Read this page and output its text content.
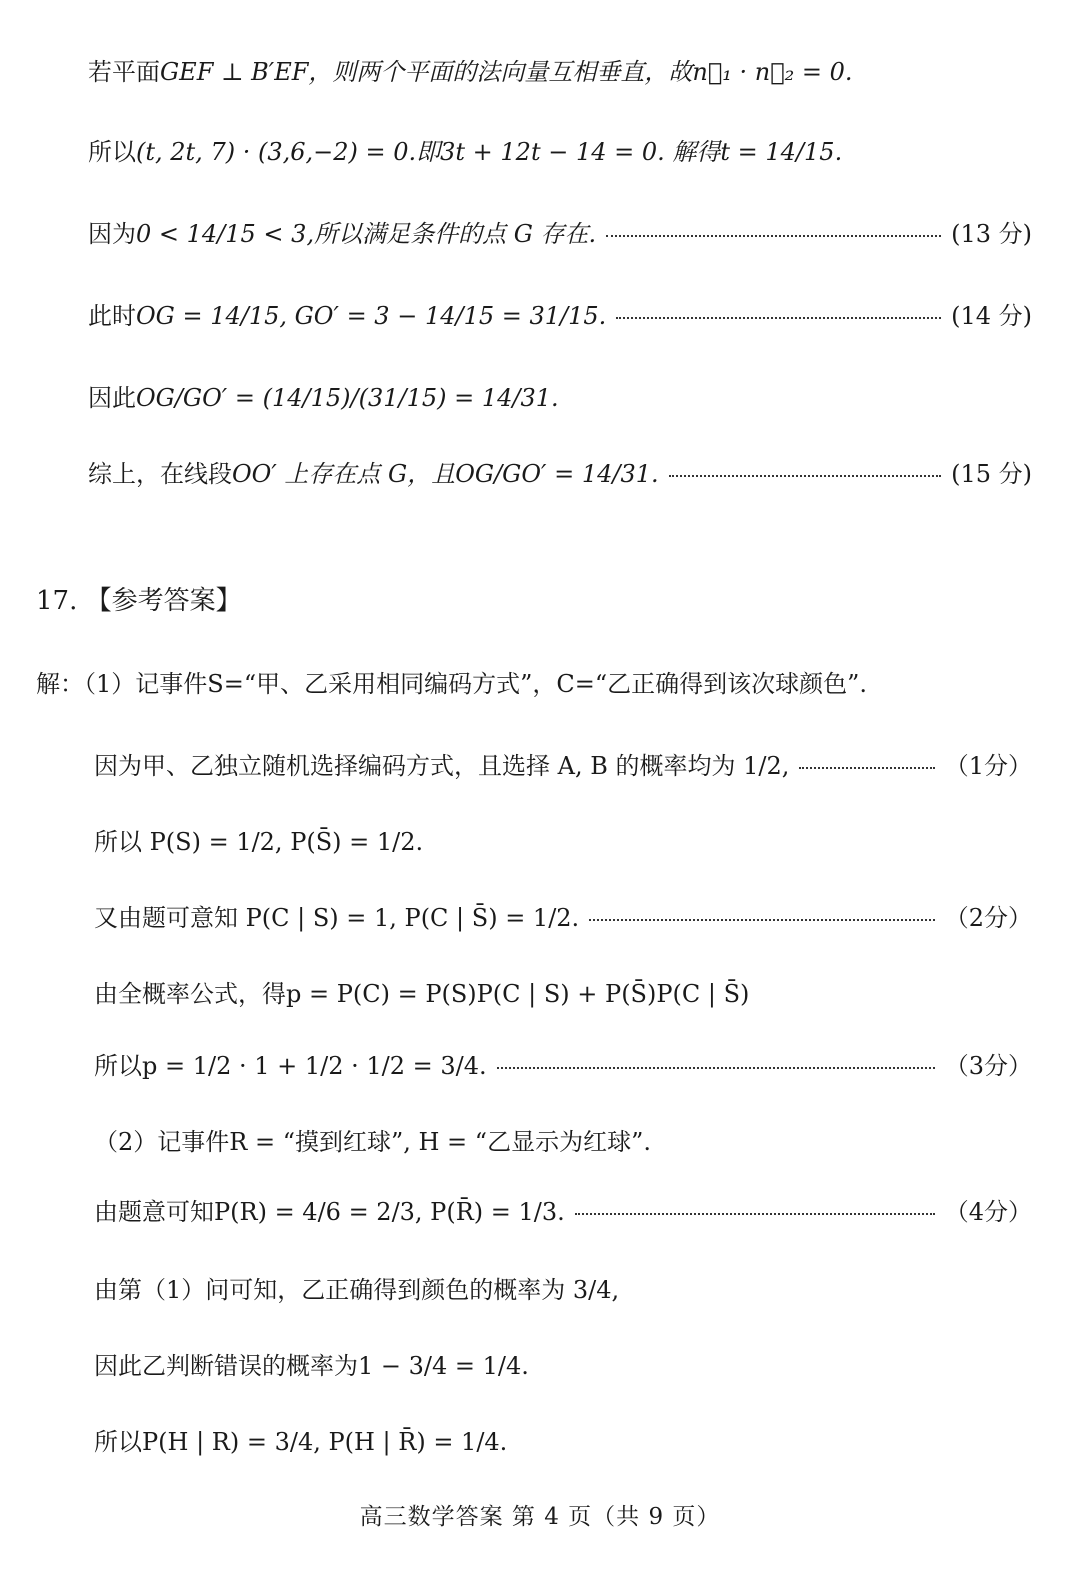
若平面 GEF ⊥ B′EF，则两个平面的法向量互相垂直，故n⃗₁ · n⃗₂ = 0.
所以 (t, 2t, 7) · (3,6,−2) = 0.即3t + 12t − 14 = 0. 解得t = 14/15.
因为 0 < 14/15 < 3,所以满足条件的点 G 存在.	(13 分)
此时 OG = 14/15, GO′ = 3 − 14/15 = 31/15.	(14 分)
因此 OG/GO′ = (14/15)/(31/15) = 14/31.
综上，在线段 OO′ 上存在点 G，且OG/GO′ = 14/31.	(15 分)
17. 【参考答案】
解：（1）记事件S=“甲、乙采用相同编码方式”，C=“乙正确得到该次球颜色”.
因为甲、乙独立随机选择编码方式，且选择 A, B 的概率均为 1/2,	（1分）
所以 P(S) = 1/2, P(S̄) = 1/2.
又由题可意知 P(C | S) = 1, P(C | S̄) = 1/2.	（2分）
由全概率公式，得p = P(C) = P(S)P(C | S) + P(S̄)P(C | S̄)
所以p = 1/2 · 1 + 1/2 · 1/2 = 3/4.	（3分）
（2）记事件R = “摸到红球”, H = “乙显示为红球”.
由题意可知P(R) = 4/6 = 2/3, P(R̄) = 1/3.	（4分）
由第（1）问可知，乙正确得到颜色的概率为 3/4,
因此乙判断错误的概率为1 − 3/4 = 1/4.
所以P(H | R) = 3/4, P(H | R̄) = 1/4.
高三数学答案 第 4 页（共 9 页）
